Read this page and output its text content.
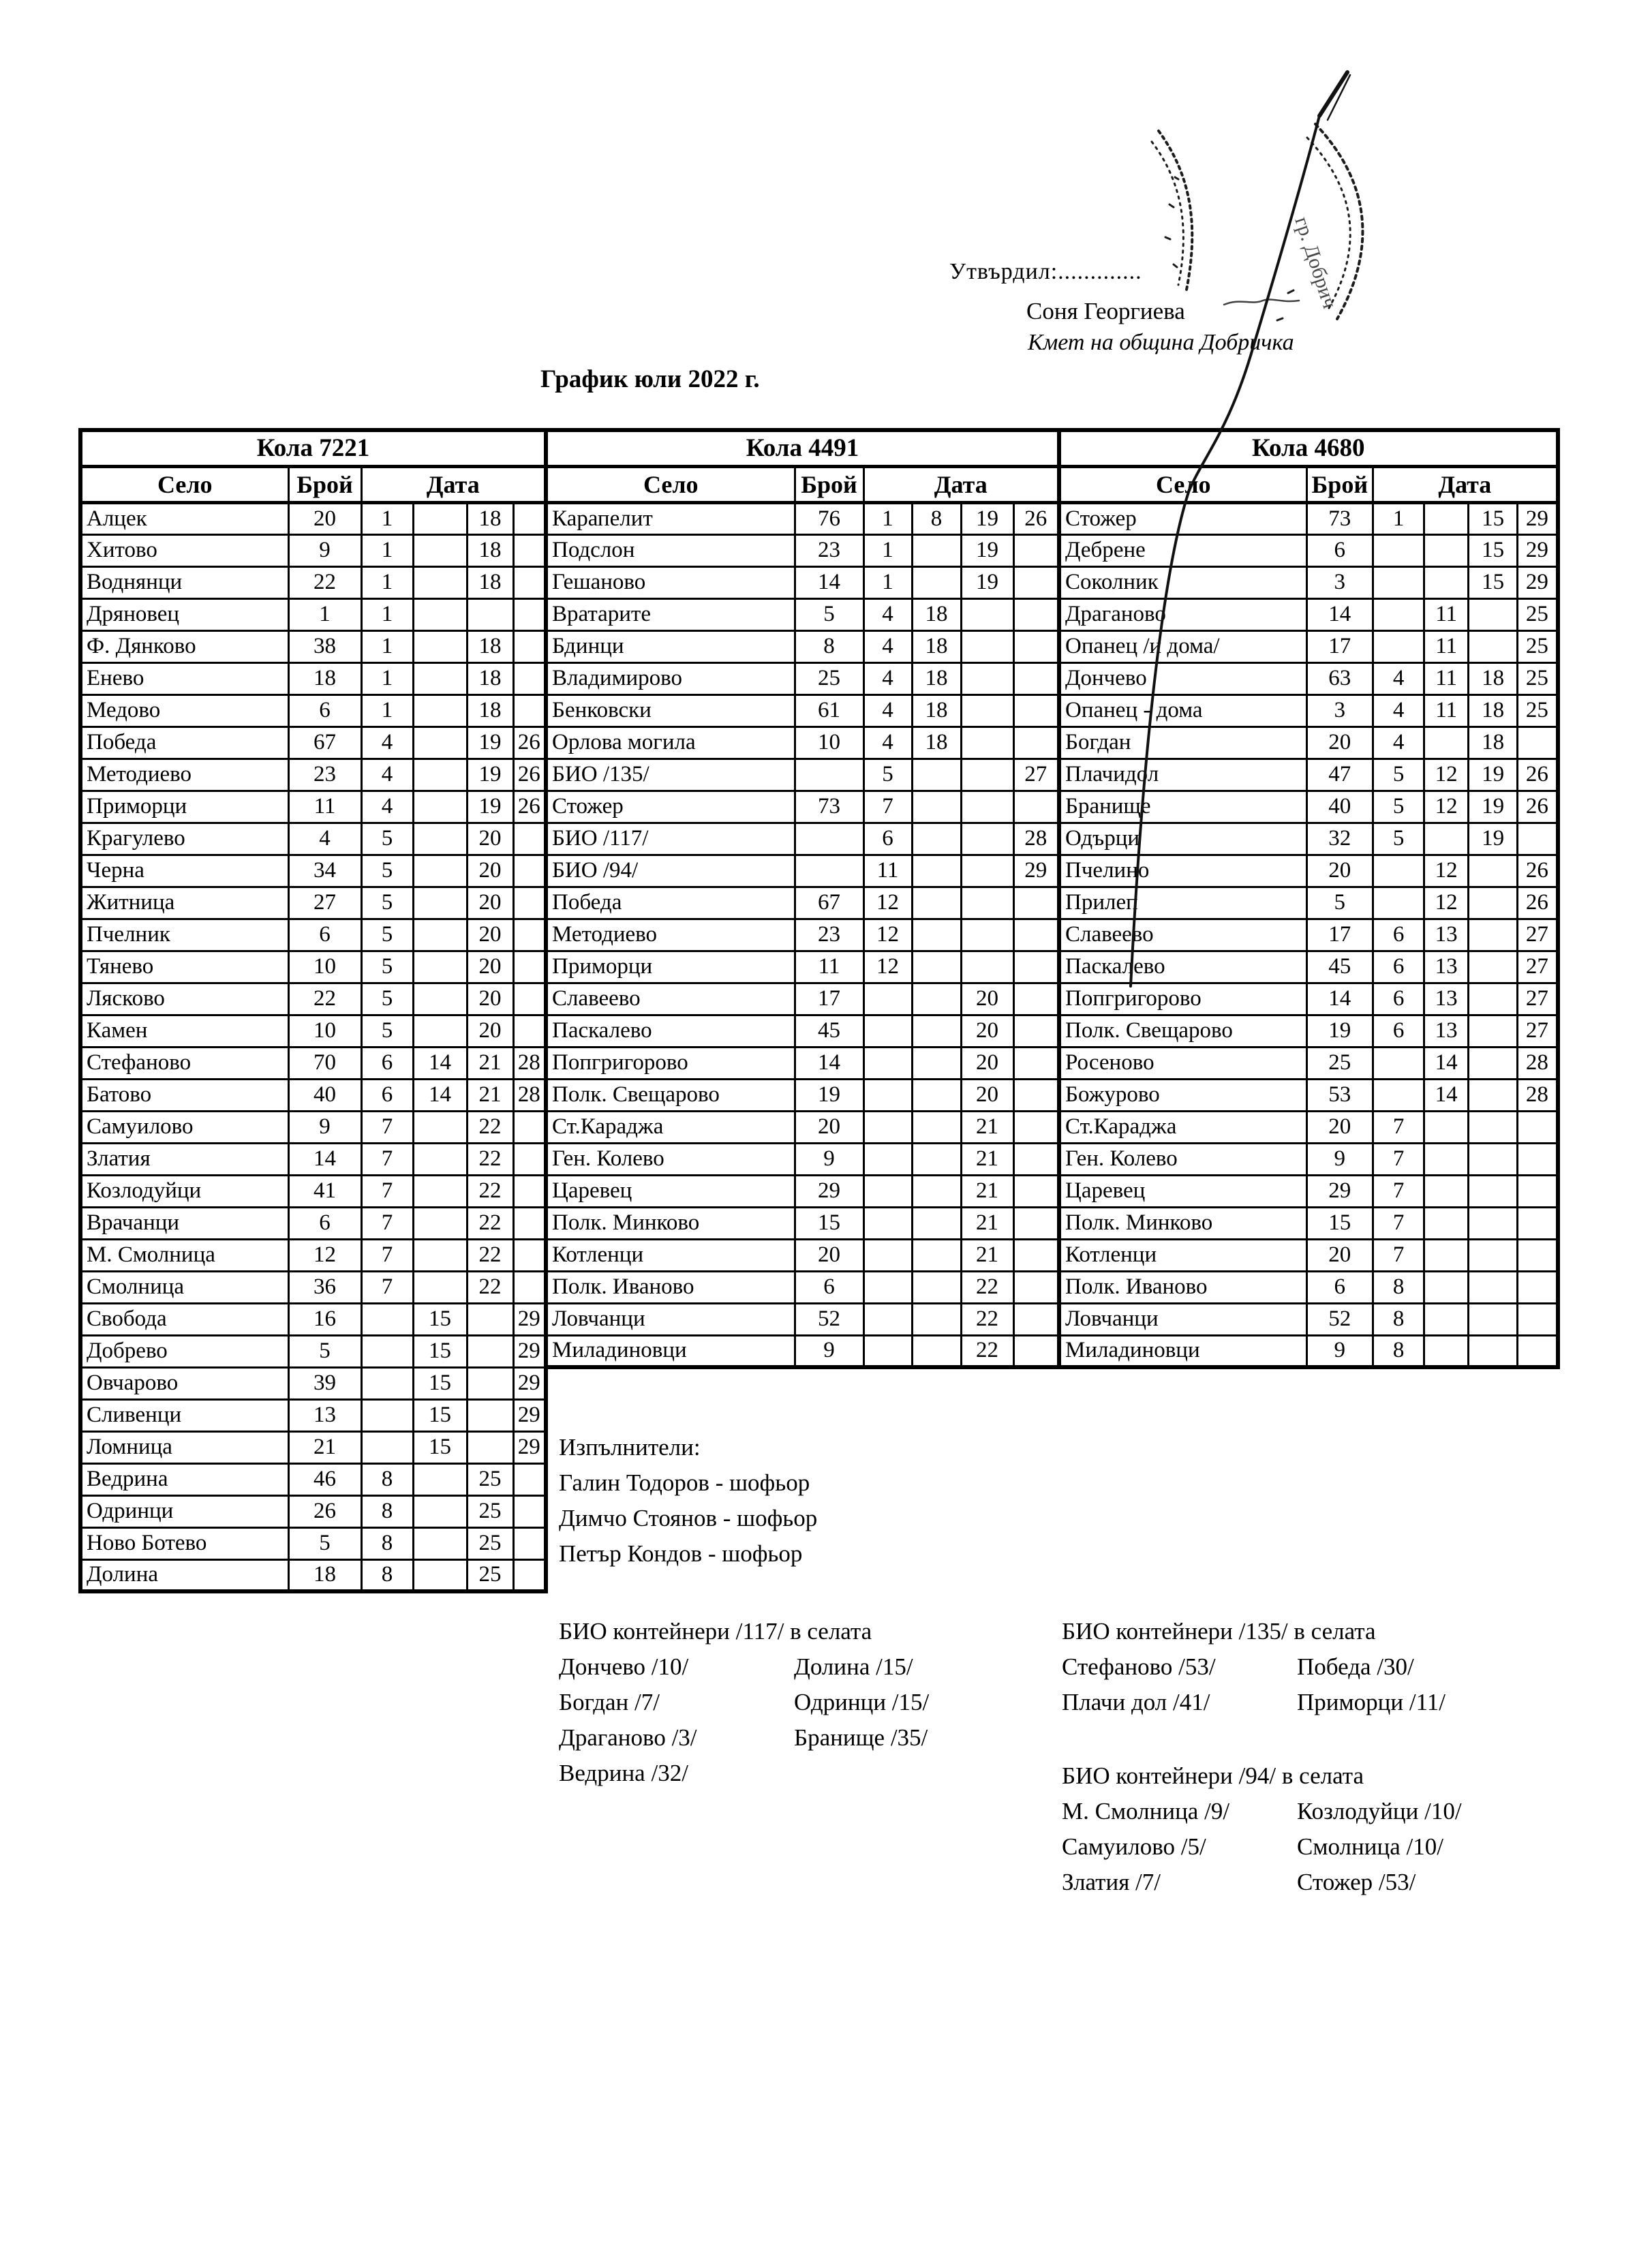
Утвърдил:.............
Соня Георгиева
Кмет на община Добричка
График юли 2022 г.
Кола 7221					
Село	Брой	Дата			
Алцек	20	1		18	
Хитово	9	1		18	
Воднянци	22	1		18	
Дряновец	1	1			
Ф. Дянково	38	1		18	
Енево	18	1		18	
Медово	6	1		18	
Победа	67	4		19	26
Методиево	23	4		19	26
Приморци	11	4		19	26
Крагулево	4	5		20	
Черна	34	5		20	
Житница	27	5		20	
Пчелник	6	5		20	
Тянево	10	5		20	
Лясково	22	5		20	
Камен	10	5		20	
Стефаново	70	6	14	21	28
Батово	40	6	14	21	28
Самуилово	9	7		22	
Златия	14	7		22	
Козлодуйци	41	7		22	
Врачанци	6	7		22	
М. Смолница	12	7		22	
Смолница	36	7		22	
Свобода	16		15		29
Добрево	5		15		29
Овчарово	39		15		29
Сливенци	13		15		29
Ломница	21		15		29
Ведрина	46	8		25	
Одринци	26	8		25	
Ново Ботево	5	8		25	
Долина	18	8		25	
Кола 4491					
Село	Брой	Дата			
Карапелит	76	1	8	19	26
Подслон	23	1		19	
Гешаново	14	1		19	
Вратарите	5	4	18		
Бдинци	8	4	18		
Владимирово	25	4	18		
Бенковски	61	4	18		
Орлова могила	10	4	18		
БИО /135/		5			27
Стожер	73	7			
БИО /117/		6			28
БИО /94/		11			29
Победа	67	12			
Методиево	23	12			
Приморци	11	12			
Славеево	17			20	
Паскалево	45			20	
Попгригорово	14			20	
Полк. Свещарово	19			20	
Ст.Караджа	20			21	
Ген. Колево	9			21	
Царевец	29			21	
Полк. Минково	15			21	
Котленци	20			21	
Полк. Иваново	6			22	
Ловчанци	52			22	
Миладиновци	9			22	
Кола 4680					
Село	Брой	Дата			
Стожер	73	1		15	29
Дебрене	6			15	29
Соколник	3			15	29
Драганово	14		11		25
Опанец /и дома/	17		11		25
Дончево	63	4	11	18	25
Опанец - дома	3	4	11	18	25
Богдан	20	4		18	
Плачидол	47	5	12	19	26
Бранище	40	5	12	19	26
Одърци	32	5		19	
Пчелино	20		12		26
Прилеп	5		12		26
Славеево	17	6	13		27
Паскалево	45	6	13		27
Попгригорово	14	6	13		27
Полк. Свещарово	19	6	13		27
Росеново	25		14		28
Божурово	53		14		28
Ст.Караджа	20	7			
Ген. Колево	9	7			
Царевец	29	7			
Полк. Минково	15	7			
Котленци	20	7			
Полк. Иваново	6	8			
Ловчанци	52	8			
Миладиновци	9	8			
Изпълнители:
Галин Тодоров - шофьор
Димчо Стоянов - шофьор
Петър Кондов - шофьор
БИО контейнери /117/ в селата
Дончево /10/	Долина /15/
Богдан /7/	Одринци /15/
Драганово /3/	Бранище /35/
Ведрина /32/
БИО контейнери /135/ в селата
Стефаново /53/	Победа /30/
Плачи дол /41/	Приморци /11/
БИО контейнери /94/ в селата
М. Смолница /9/	Козлодуйци /10/
Самуилово /5/	Смолница /10/
Златия /7/	Стожер /53/
гр. Добрич
